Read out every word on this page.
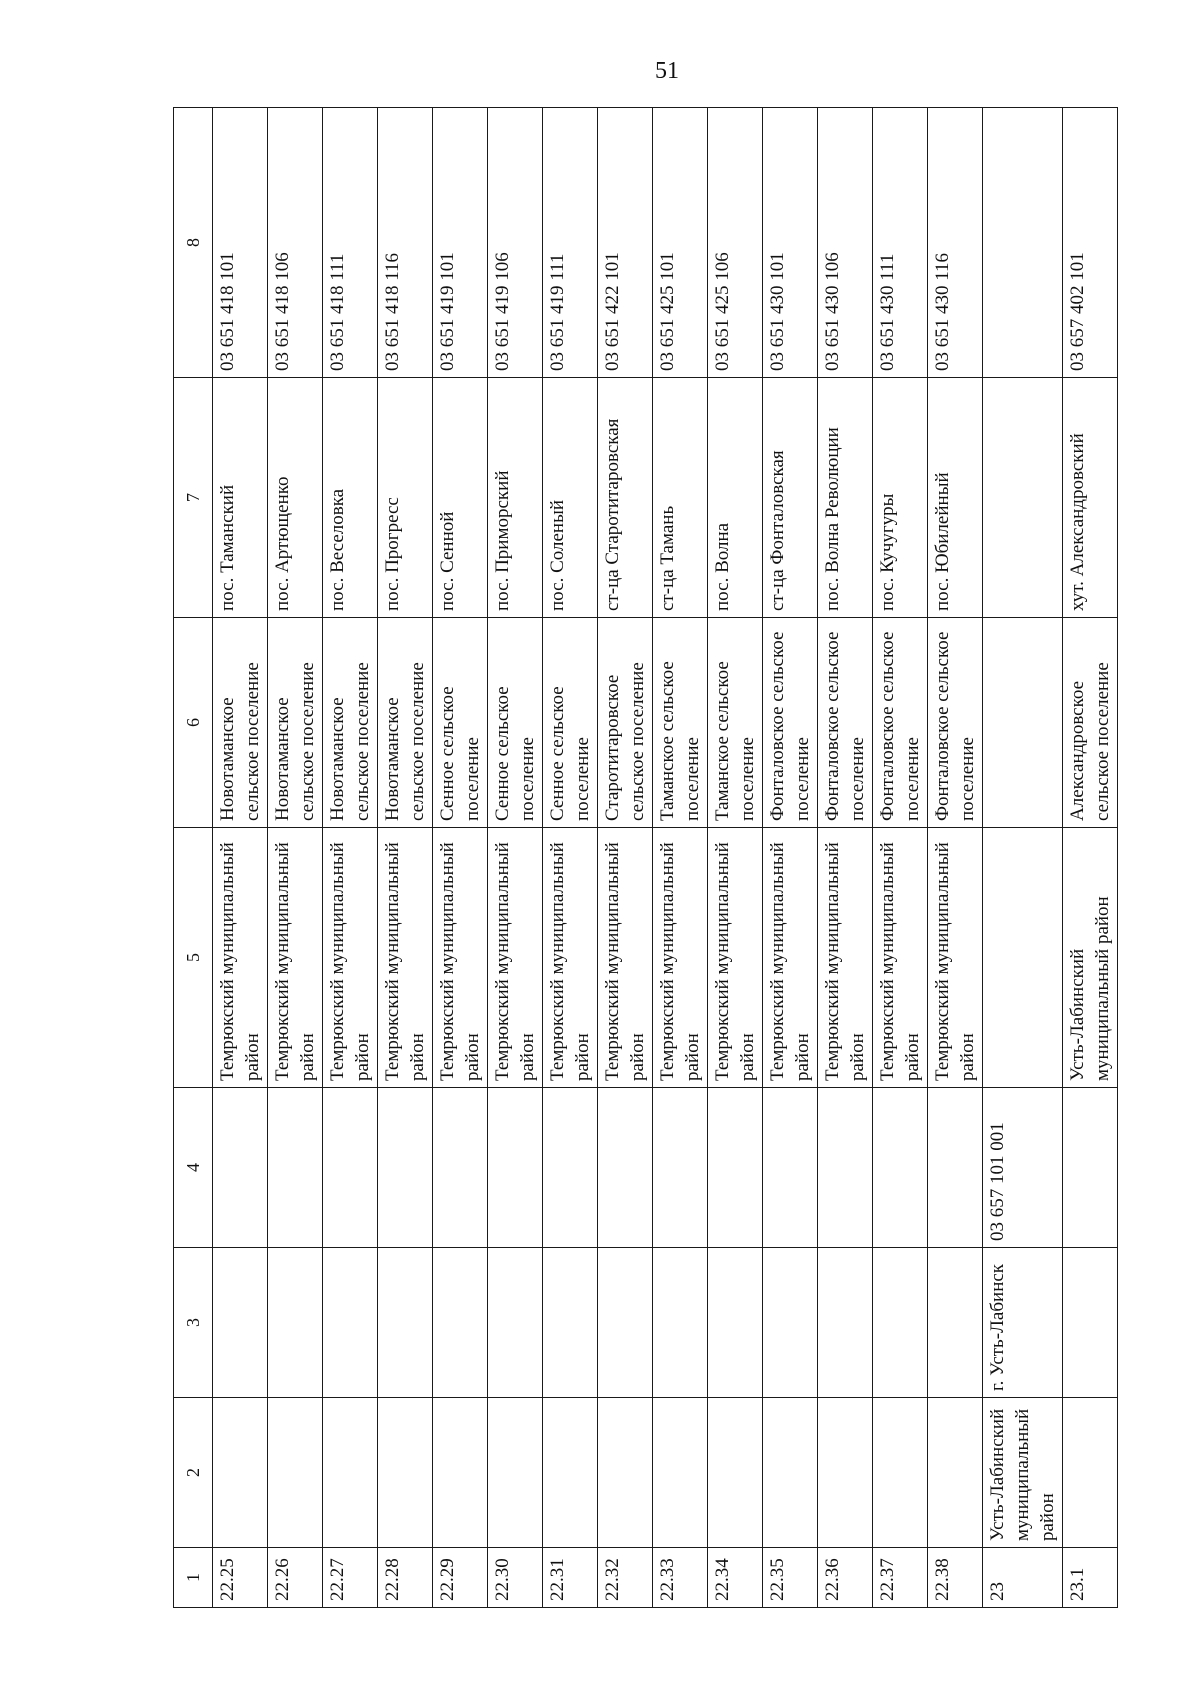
51
1	2	3	4	5	6	7	8
22.25				Темрюкский муниципальный район	Новотаманское сельское поселение	пос. Таманский	03 651 418 101
22.26				Темрюкский муниципальный район	Новотаманское сельское поселение	пос. Артющенко	03 651 418 106
22.27				Темрюкский муниципальный район	Новотаманское сельское поселение	пос. Веселовка	03 651 418 111
22.28				Темрюкский муниципальный район	Новотаманское сельское поселение	пос. Прогресс	03 651 418 116
22.29				Темрюкский муниципальный район	Сенное сельское поселение	пос. Сенной	03 651 419 101
22.30				Темрюкский муниципальный район	Сенное сельское поселение	пос. Приморский	03 651 419 106
22.31				Темрюкский муниципальный район	Сенное сельское поселение	пос. Соленый	03 651 419 111
22.32				Темрюкский муниципальный район	Старотитаровское сельское поселение	ст-ца Старотитаровская	03 651 422 101
22.33				Темрюкский муниципальный район	Таманское сельское поселение	ст-ца Тамань	03 651 425 101
22.34				Темрюкский муниципальный район	Таманское сельское поселение	пос. Волна	03 651 425 106
22.35				Темрюкский муниципальный район	Фонталовское сельское поселение	ст-ца Фонталовская	03 651 430 101
22.36				Темрюкский муниципальный район	Фонталовское сельское поселение	пос. Волна Революции	03 651 430 106
22.37				Темрюкский муниципальный район	Фонталовское сельское поселение	пос. Кучугуры	03 651 430 111
22.38				Темрюкский муниципальный район	Фонталовское сельское поселение	пос. Юбилейный	03 651 430 116
23	Усть-Лабинский муниципальный район	г. Усть-Лабинск	03 657 101 001				
23.1				Усть-Лабинский муниципальный район	Александровское сельское поселение	хут. Александровский	03 657 402 101
